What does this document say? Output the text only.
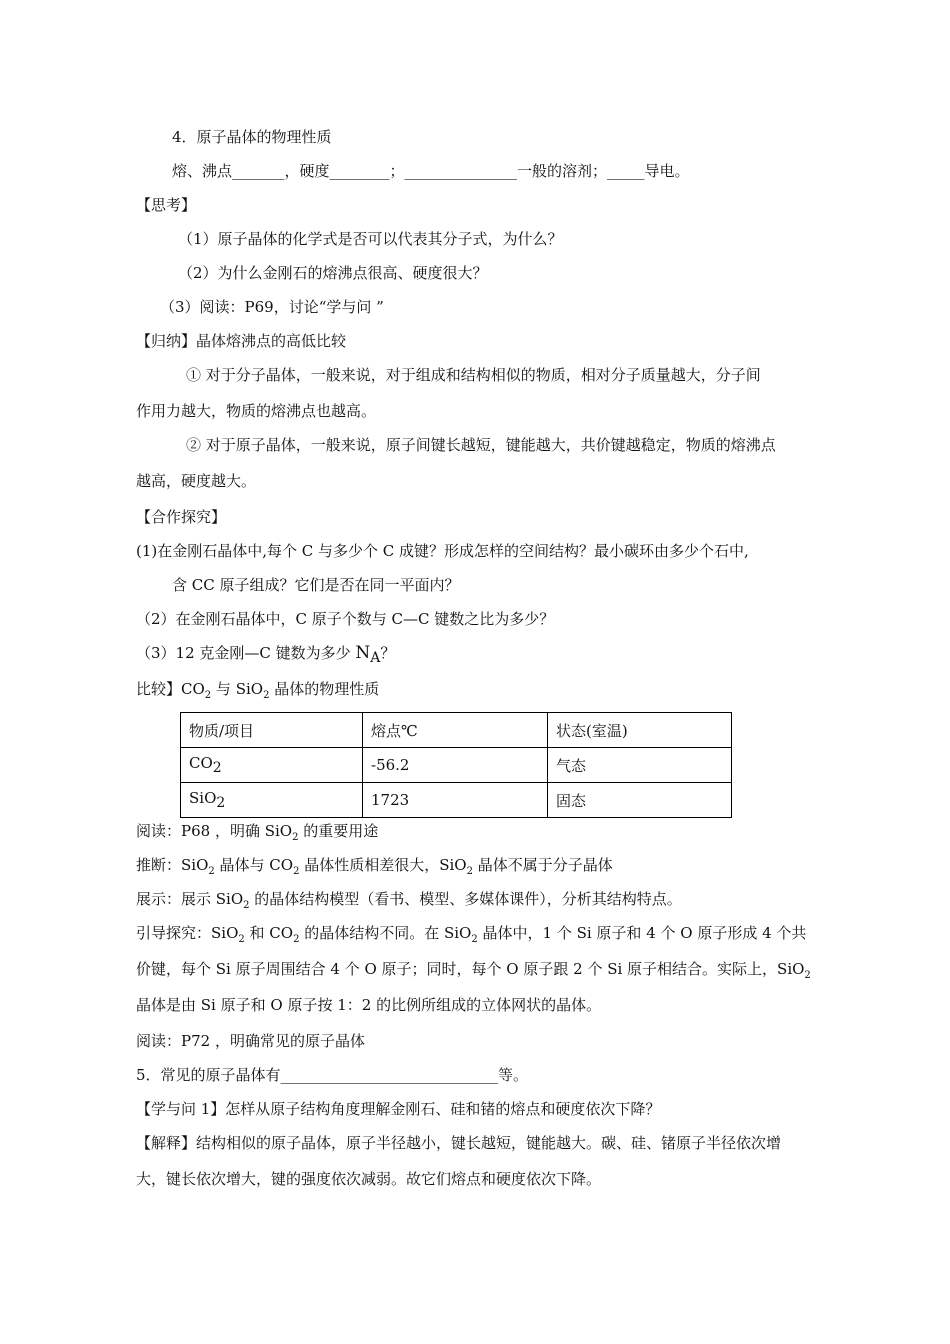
4．原子晶体的物理性质
熔、沸点_______，硬度________；_______________一般的溶剂；_____导电。
【思考】
（1）原子晶体的化学式是否可以代表其分子式，为什么？
（2）为什么金刚石的熔沸点很高、硬度很大？
（3）阅读：P69，讨论“学与问 ”
【归纳】晶体熔沸点的高低比较
① 对于分子晶体，一般来说，对于组成和结构相似的物质，相对分子质量越大，分子间
作用力越大，物质的熔沸点也越高。
② 对于原子晶体，一般来说，原子间键长越短，键能越大，共价键越稳定，物质的熔沸点
越高，硬度越大。
【合作探究】
(1)在金刚石晶体中,每个 C 与多少个 C 成键？形成怎样的空间结构？最小碳环由多少个石中,
含 CC 原子组成？它们是否在同一平面内？
（2）在金刚石晶体中，C 原子个数与 C—C 键数之比为多少？
（3）12 克金刚—C 键数为多少 $N_A$？
比较】$CO_2$ 与 SiO$_2$ 晶体的物理性质
物质/项目	熔点℃	状态(室温)
$CO_2$	-56.2	气态
SiO$_2$	1723	固态
阅读：P68 ，明确 SiO$_2$ 的重要用途
推断：SiO$_2$ 晶体与 $CO_2$ 晶体性质相差很大，SiO$_2$ 晶体不属于分子晶体
展示：展示 SiO$_2$ 的晶体结构模型（看书、模型、多媒体课件），分析其结构特点。
引导探究：SiO$_2$ 和 $CO_2$ 的晶体结构不同。在 SiO$_2$ 晶体中，1 个 Si 原子和 4 个 O 原子形成 4 个共
价键，每个 Si 原子周围结合 4 个 O 原子；同时，每个 O 原子跟 2 个 Si 原子相结合。实际上，SiO$_2$
晶体是由 Si 原子和 O 原子按 1：2 的比例所组成的立体网状的晶体。
阅读：P72 ，明确常见的原子晶体
5．常见的原子晶体有_____________________________等。
【学与问 1】怎样从原子结构角度理解金刚石、硅和锗的熔点和硬度依次下降？
【解释】结构相似的原子晶体，原子半径越小，键长越短，键能越大。碳、硅、锗原子半径依次增
大，键长依次增大，键的强度依次减弱。故它们熔点和硬度依次下降。
